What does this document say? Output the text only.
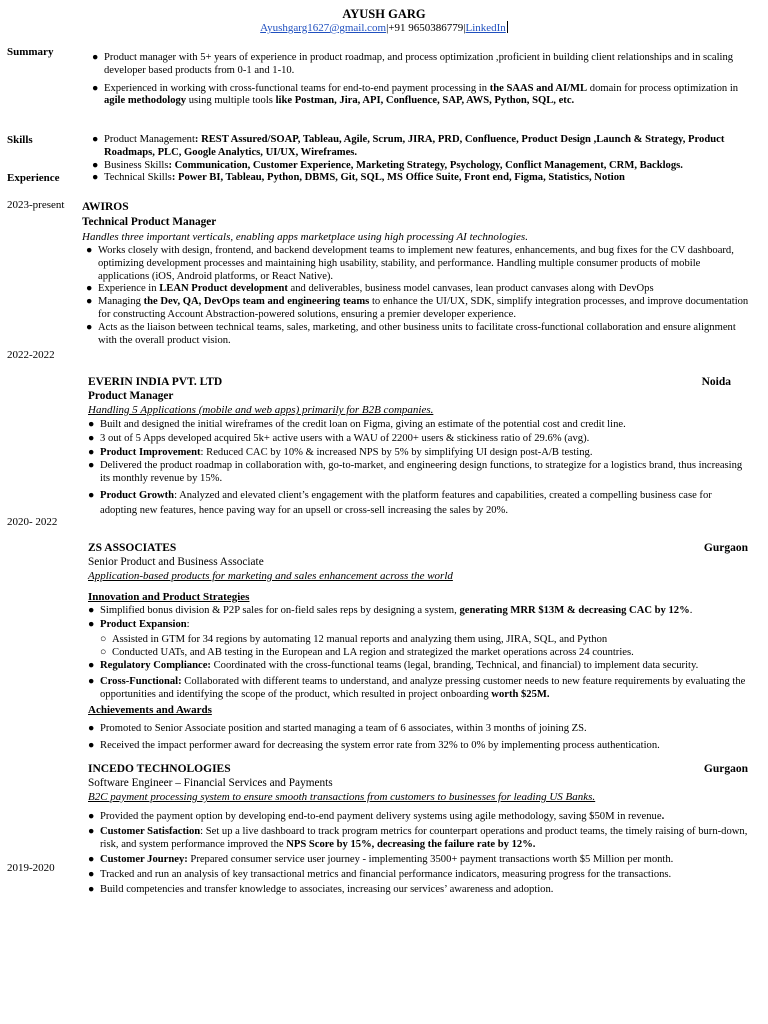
AYUSH GARG
Ayushgarg1627@gmail.com|+91 9650386779|LinkedIn
Summary
Skills
Experience
● Product manager with 5+ years of experience in product roadmap, and process optimization ,proficient in building client relationships and in scaling developer based products from 0-1 and 1-10.
● Experienced in working with cross-functional teams for end-to-end payment processing in the SAAS and AI/ML domain for process optimization in agile methodology using multiple tools like Postman, Jira, API, Confluence, SAP, AWS, Python, SQL, etc.
● Product Management: REST Assured/SOAP, Tableau, Agile, Scrum, JIRA, PRD, Confluence, Product Design ,Launch & Strategy, Product Roadmaps, PLC, Google Analytics, UI/UX, Wireframes.
● Business Skills: Communication, Customer Experience, Marketing Strategy, Psychology, Conflict Management, CRM, Backlogs.
● Technical Skills: Power BI, Tableau, Python, DBMS, Git, SQL, MS Office Suite, Front end, Figma, Statistics, Notion
2023-present AWIROS
Technical Product Manager
Handles three important verticals, enabling apps marketplace using high processing AI technologies.
● Works closely with design, frontend, and backend development teams to implement new features, enhancements, and bug fixes for the CV dashboard, optimizing development processes and maintaining high usability, stability, and performance. Handling multiple consumer products of mobile applications (iOS, Android platforms, or React Native).
● Experience in LEAN Product development and deliverables, business model canvases, lean product canvases along with DevOps
● Managing the Dev, QA, DevOps team and engineering teams to enhance the UI/UX, SDK, simplify integration processes, and improve documentation for constructing Account Abstraction-powered solutions, ensuring a premier developer experience.
● Acts as the liaison between technical teams, sales, marketing, and other business units to facilitate cross-functional collaboration and ensure alignment with the overall product vision.
2022-2022
EVERIN INDIA PVT. LTD	Noida
Product Manager
Handling 5 Applications (mobile and web apps) primarily for B2B companies.
● Built and designed the initial wireframes of the credit loan on Figma, giving an estimate of the potential cost and credit line.
● 3 out of 5 Apps developed acquired 5k+ active users with a WAU of 2200+ users & stickiness ratio of 29.6% (avg).
● Product Improvement: Reduced CAC by 10% & increased NPS by 5% by simplifying UI design post-A/B testing.
● Delivered the product roadmap in collaboration with, go-to-market, and engineering design functions, to strategize for a logistics brand, thus increasing its monthly revenue by 15%.
● Product Growth: Analyzed and elevated client’s engagement with the platform features and capabilities, created a compelling business case for adopting new features, hence paving way for an upsell or cross-sell increasing the sales by 20%.
2020- 2022
ZS ASSOCIATES	Gurgaon
Senior Product and Business Associate
Application-based products for marketing and sales enhancement across the world
Innovation and Product Strategies
● Simplified bonus division & P2P sales for on-field sales reps by designing a system, generating MRR $13M & decreasing CAC by 12%.
● Product Expansion:
○ Assisted in GTM for 34 regions by automating 12 manual reports and analyzing them using, JIRA, SQL, and Python
○ Conducted UATs, and AB testing in the European and LA region and strategized the market operations across 24 countries.
● Regulatory Compliance: Coordinated with the cross-functional teams (legal, branding, Technical, and financial) to implement data security.
● Cross-Functional: Collaborated with different teams to understand, and analyze pressing customer needs to new feature requirements by evaluating the opportunities and identifying the scope of the product, which resulted in project onboarding worth $25M.
Achievements and Awards
● Promoted to Senior Associate position and started managing a team of 6 associates, within 3 months of joining ZS.
● Received the impact performer award for decreasing the system error rate from 32% to 0% by implementing process authentication.
INCEDO TECHNOLOGIES	Gurgaon
Software Engineer – Financial Services and Payments
B2C payment processing system to ensure smooth transactions from customers to businesses for leading US Banks.
2019-2020
● Provided the payment option by developing end-to-end payment delivery systems using agile methodology, saving $50M in revenue.
● Customer Satisfaction: Set up a live dashboard to track program metrics for counterpart operations and product teams, the timely raising of burn-down, risk, and system performance improved the NPS Score by 15%, decreasing the failure rate by 12%.
● Customer Journey: Prepared consumer service user journey - implementing 3500+ payment transactions worth $5 Million per month.
● Tracked and run an analysis of key transactional metrics and financial performance indicators, measuring progress for the transactions.
● Build competencies and transfer knowledge to associates, increasing our services’ awareness and adoption.
